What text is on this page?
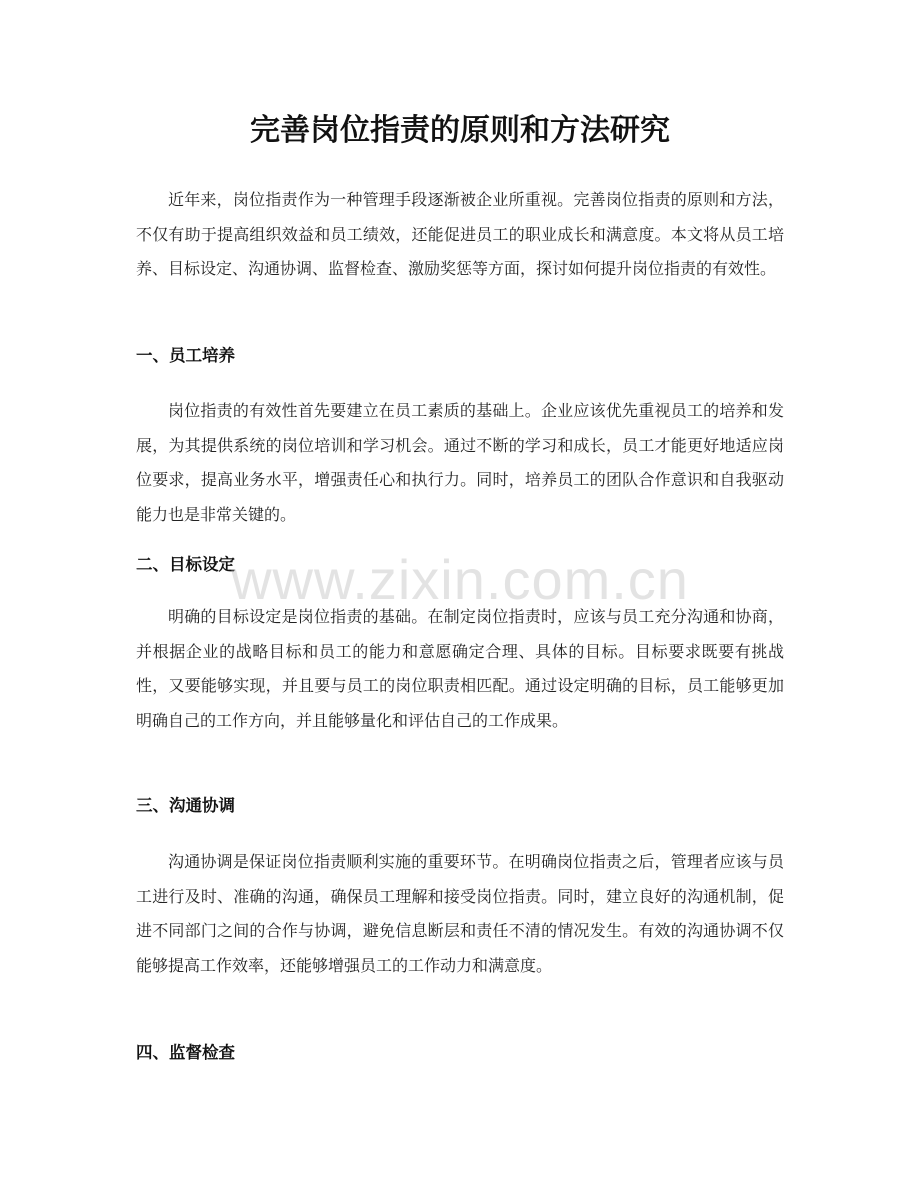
完善岗位指责的原则和方法研究

近年来，岗位指责作为一种管理手段逐渐被企业所重视。完善岗位指责的原则和方法，不仅有助于提高组织效益和员工绩效，还能促进员工的职业成长和满意度。本文将从员工培养、目标设定、沟通协调、监督检查、激励奖惩等方面，探讨如何提升岗位指责的有效性。

一、员工培养

岗位指责的有效性首先要建立在员工素质的基础上。企业应该优先重视员工的培养和发展，为其提供系统的岗位培训和学习机会。通过不断的学习和成长，员工才能更好地适应岗位要求，提高业务水平，增强责任心和执行力。同时，培养员工的团队合作意识和自我驱动能力也是非常关键的。

二、目标设定

明确的目标设定是岗位指责的基础。在制定岗位指责时，应该与员工充分沟通和协商，并根据企业的战略目标和员工的能力和意愿确定合理、具体的目标。目标要求既要有挑战性，又要能够实现，并且要与员工的岗位职责相匹配。通过设定明确的目标，员工能够更加明确自己的工作方向，并且能够量化和评估自己的工作成果。

三、沟通协调

沟通协调是保证岗位指责顺利实施的重要环节。在明确岗位指责之后，管理者应该与员工进行及时、准确的沟通，确保员工理解和接受岗位指责。同时，建立良好的沟通机制，促进不同部门之间的合作与协调，避免信息断层和责任不清的情况发生。有效的沟通协调不仅能够提高工作效率，还能够增强员工的工作动力和满意度。

四、监督检查
www.zixin.com.cn
